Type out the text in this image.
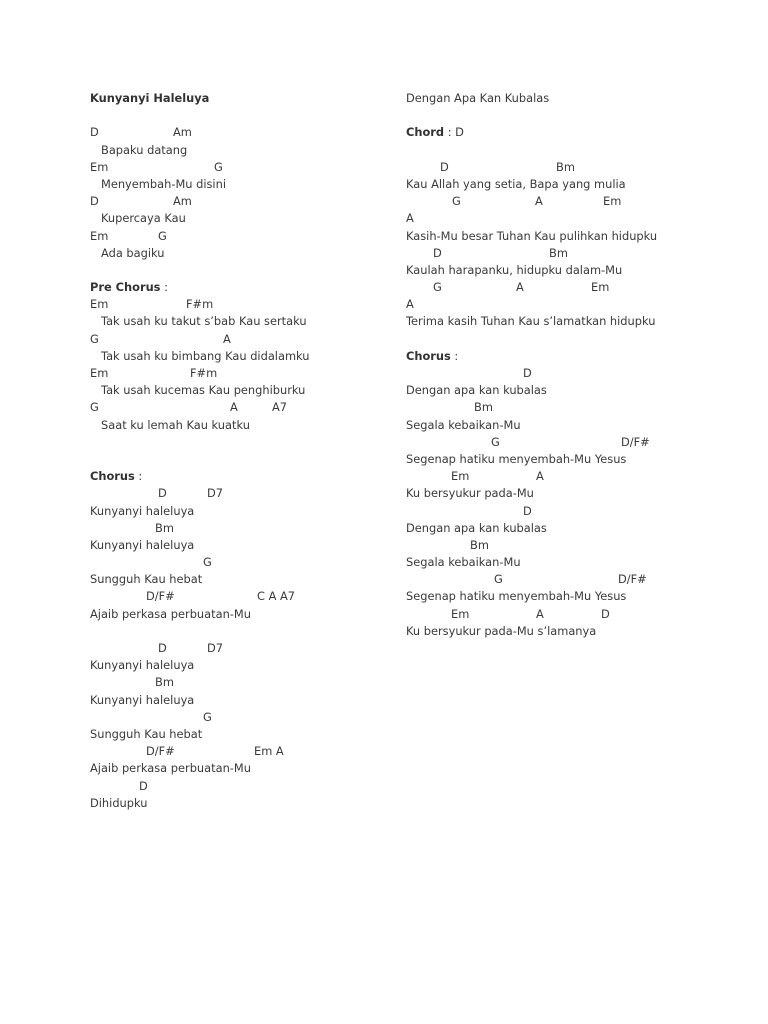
Kunyanyi Haleluya
D	Am
Bapaku datang
Em	G
Menyembah-Mu disini
D	Am
Kupercaya Kau
Em	G
Ada bagiku
Pre Chorus :
Em	F#m
Tak usah ku takut s’bab Kau sertaku
G	A
Tak usah ku bimbang Kau didalamku
Em	F#m
Tak usah kucemas Kau penghiburku
G	A	A7
Saat ku lemah Kau kuatku
Chorus :
D	D7
Kunyanyi haleluya
Bm
Kunyanyi haleluya
G
Sungguh Kau hebat
D/F#	C A A7
Ajaib perkasa perbuatan-Mu
D	D7
Kunyanyi haleluya
Bm
Kunyanyi haleluya
G
Sungguh Kau hebat
D/F#	Em A
Ajaib perkasa perbuatan-Mu
D
Dihidupku
Dengan Apa Kan Kubalas
Chord : D
D	Bm
Kau Allah yang setia, Bapa yang mulia
G	A	Em
A
Kasih-Mu besar Tuhan Kau pulihkan hidupku
D	Bm
Kaulah harapanku, hidupku dalam-Mu
G	A	Em
A
Terima kasih Tuhan Kau s’lamatkan hidupku
Chorus :
D
Dengan apa kan kubalas
Bm
Segala kebaikan-Mu
G	D/F#
Segenap hatiku menyembah-Mu Yesus
Em	A
Ku bersyukur pada-Mu
D
Dengan apa kan kubalas
Bm
Segala kebaikan-Mu
G	D/F#
Segenap hatiku menyembah-Mu Yesus
Em	A	D
Ku bersyukur pada-Mu s’lamanya
